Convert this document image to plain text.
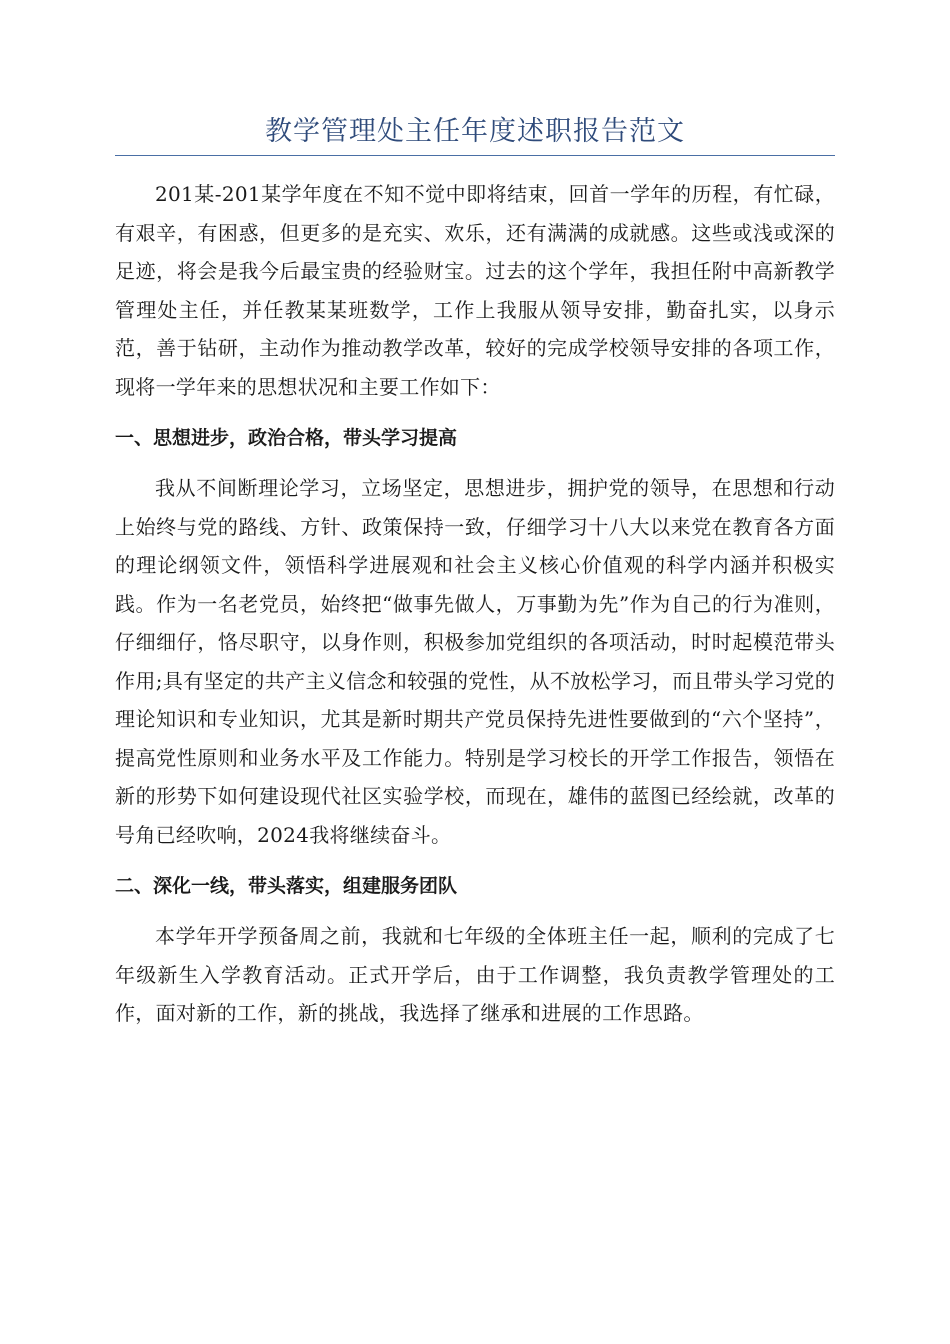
教学管理处主任年度述职报告范文

201某-201某学年度在不知不觉中即将结束，回首一学年的历程，有忙碌，有艰辛，有困惑，但更多的是充实、欢乐，还有满满的成就感。这些或浅或深的足迹，将会是我今后最宝贵的经验财宝。过去的这个学年，我担任附中高新教学管理处主任，并任教某某班数学，工作上我服从领导安排，勤奋扎实，以身示范，善于钻研，主动作为推动教学改革，较好的完成学校领导安排的各项工作，现将一学年来的思想状况和主要工作如下：

一、思想进步，政治合格，带头学习提高

我从不间断理论学习，立场坚定，思想进步，拥护党的领导，在思想和行动上始终与党的路线、方针、政策保持一致，仔细学习十八大以来党在教育各方面的理论纲领文件，领悟科学进展观和社会主义核心价值观的科学内涵并积极实践。作为一名老党员，始终把“做事先做人，万事勤为先”作为自己的行为准则，仔细细仔，恪尽职守，以身作则，积极参加党组织的各项活动，时时起模范带头作用;具有坚定的共产主义信念和较强的党性，从不放松学习，而且带头学习党的理论知识和专业知识，尤其是新时期共产党员保持先进性要做到的“六个坚持”，提高党性原则和业务水平及工作能力。特别是学习校长的开学工作报告，领悟在新的形势下如何建设现代社区实验学校，而现在，雄伟的蓝图已经绘就，改革的号角已经吹响，2024我将继续奋斗。

二、深化一线，带头落实，组建服务团队

本学年开学预备周之前，我就和七年级的全体班主任一起，顺利的完成了七年级新生入学教育活动。正式开学后，由于工作调整，我负责教学管理处的工作，面对新的工作，新的挑战，我选择了继承和进展的工作思路。
